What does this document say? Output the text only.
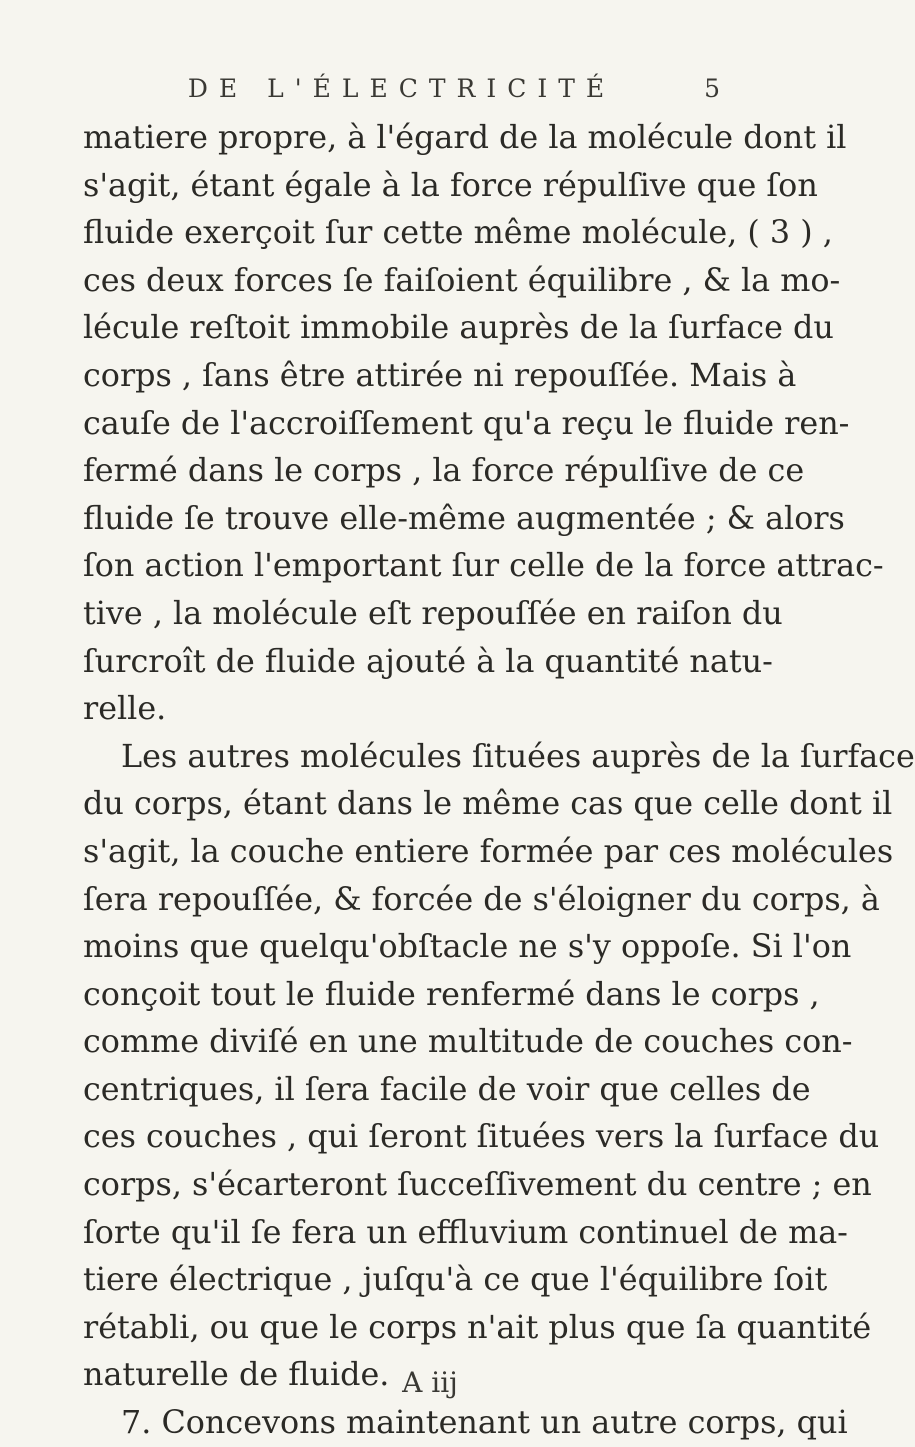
DE L'ÉLECTRICITÉ	5
matiere propre, à l'égard de la molécule dont il
s'agit, étant égale à la force répulſive que ſon
fluide exerçoit ſur cette même molécule, ( 3 ) ,
ces deux forces ſe faiſoient équilibre , & la mo-
lécule reſtoit immobile auprès de la ſurface du
corps , ſans être attirée ni repouſſée. Mais à
cauſe de l'accroiſſement qu'a reçu le fluide ren-
fermé dans le corps , la force répulſive de ce
fluide ſe trouve elle-même augmentée ; & alors
ſon action l'emportant ſur celle de la force attrac-
tive , la molécule eſt repouſſée en raiſon du
ſurcroît de fluide ajouté à la quantité natu-
relle.
Les autres molécules ſituées auprès de la ſurface
du corps, étant dans le même cas que celle dont il
s'agit, la couche entiere formée par ces molécules
ſera repouſſée, & forcée de s'éloigner du corps, à
moins que quelqu'obſtacle ne s'y oppoſe. Si l'on
conçoit tout le fluide renfermé dans le corps ,
comme diviſé en une multitude de couches con-
centriques, il ſera facile de voir que celles de
ces couches , qui ſeront ſituées vers la ſurface du
corps, s'écarteront ſucceſſivement du centre ; en
ſorte qu'il ſe fera un effluvium continuel de ma-
tiere électrique , juſqu'à ce que l'équilibre ſoit
rétabli, ou que le corps n'ait plus que ſa quantité
naturelle de fluide.
7. Concevons maintenant un autre corps, qui
A iij
